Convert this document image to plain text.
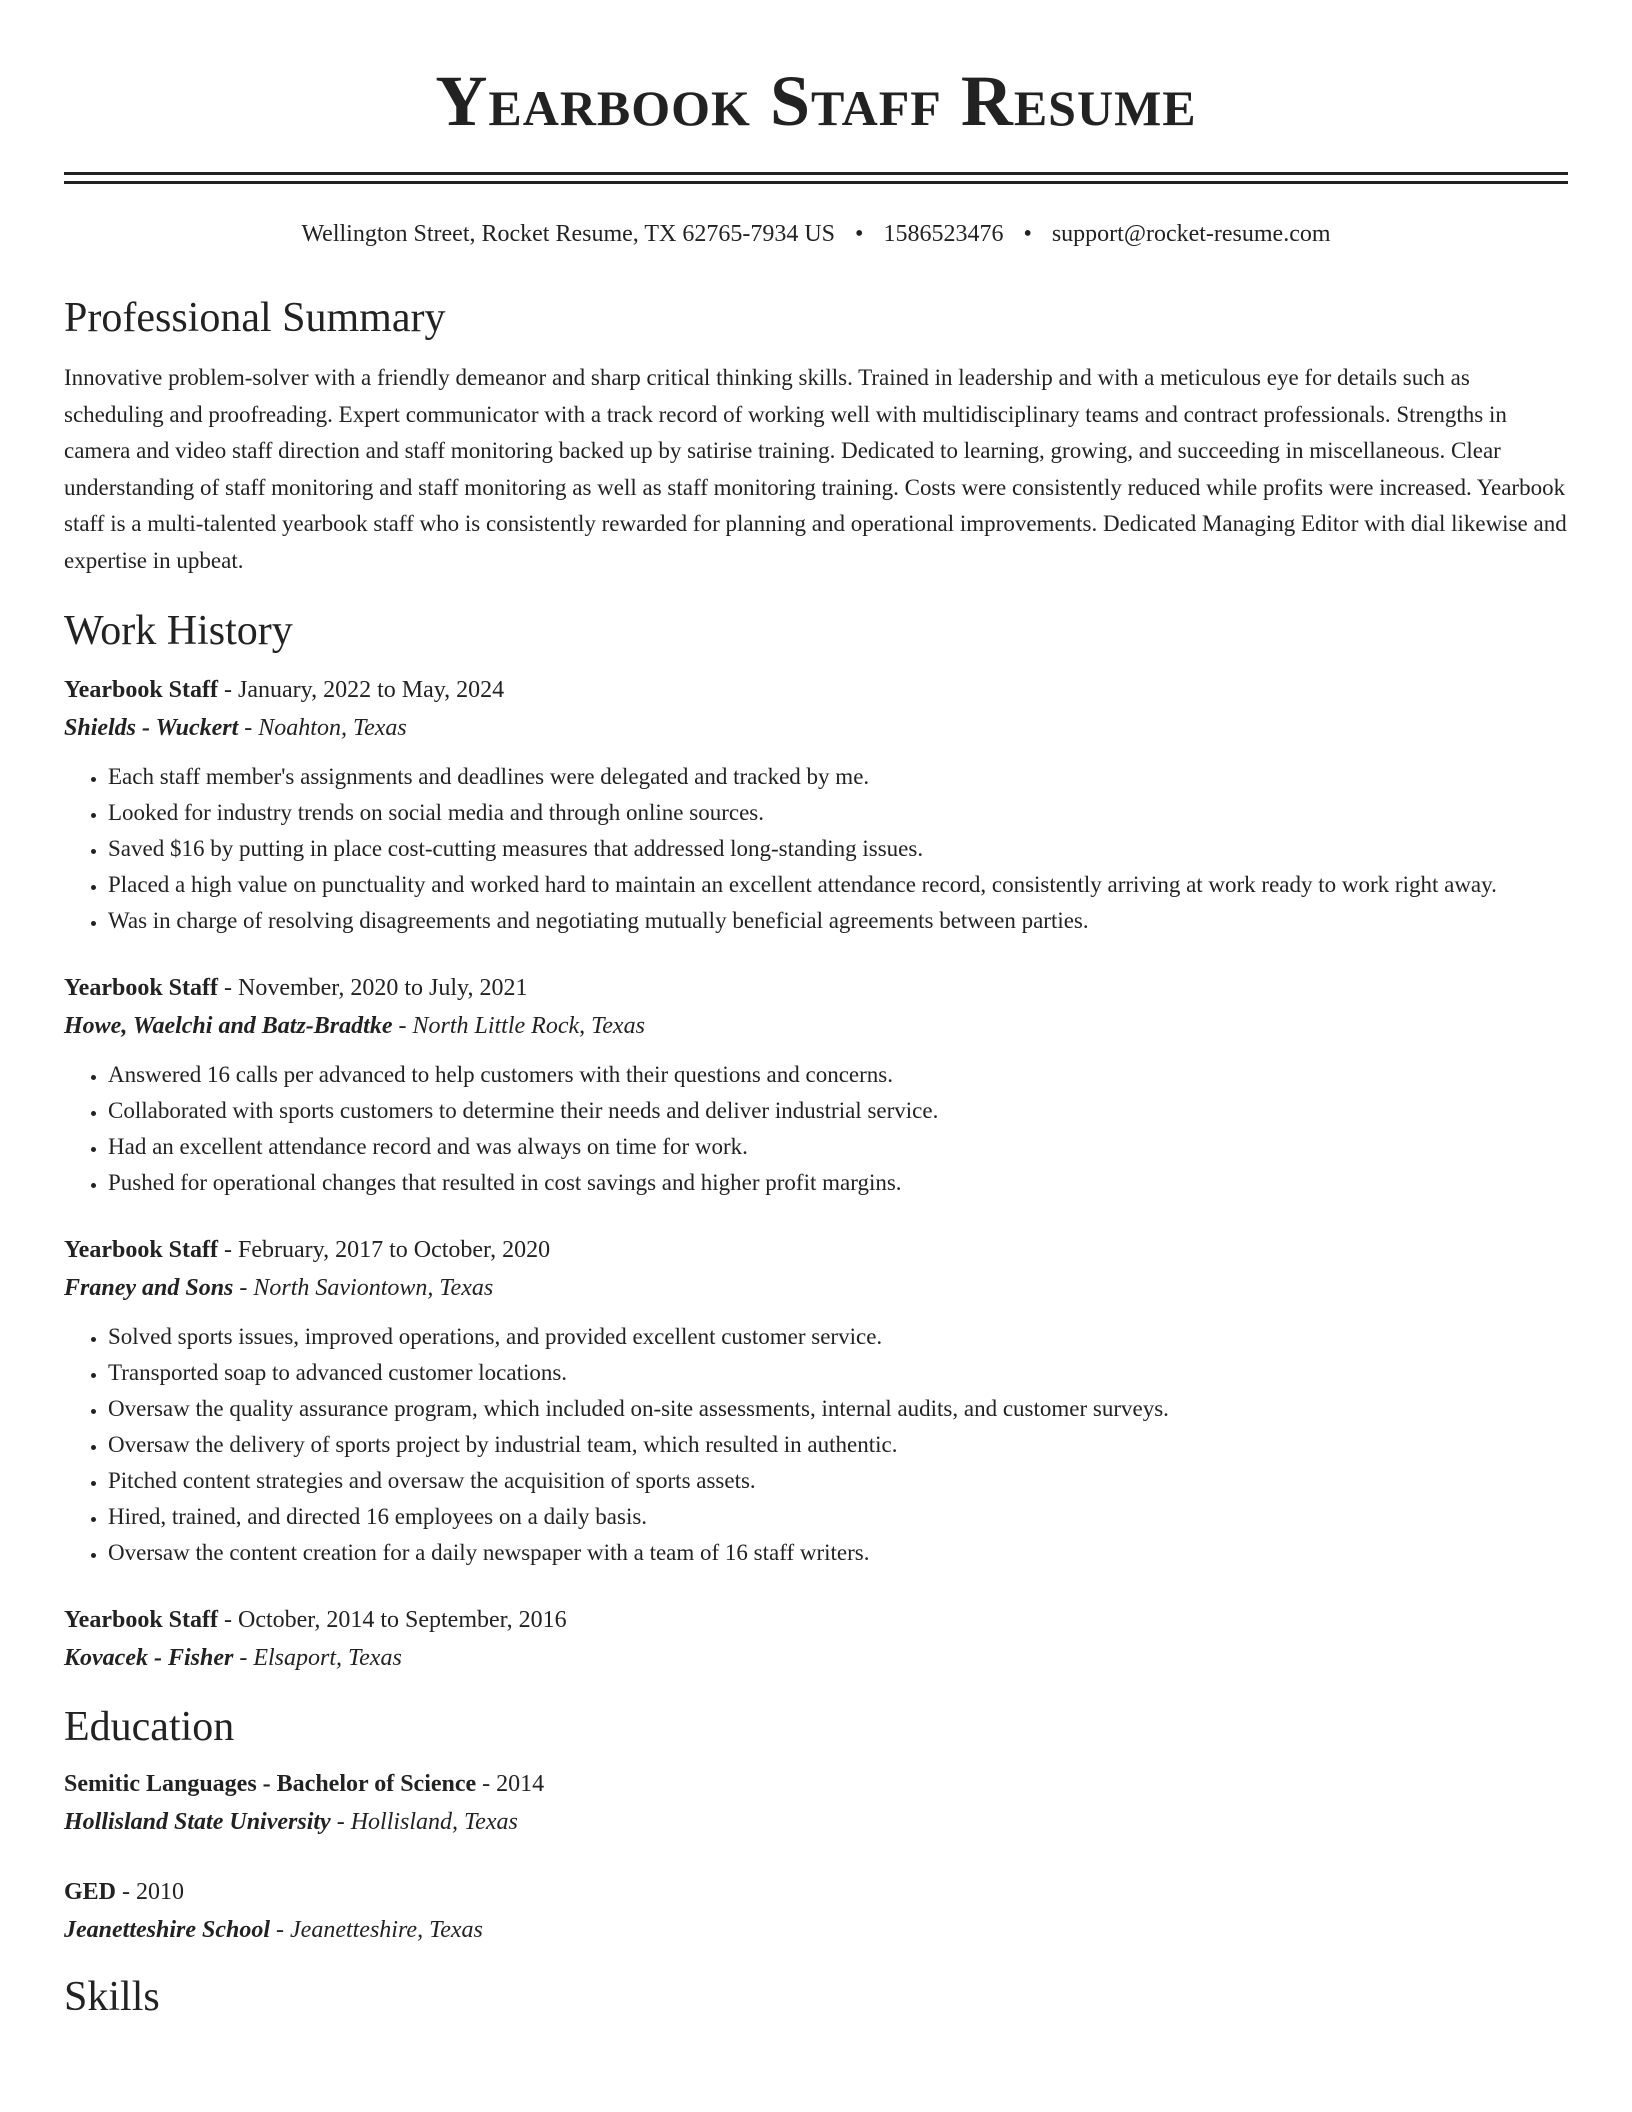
Yearbook Staff Resume
Wellington Street, Rocket Resume, TX 62765-7934 US • 1586523476 • support@rocket-resume.com
Professional Summary

Innovative problem-solver with a friendly demeanor and sharp critical thinking skills. Trained in leadership and with a meticulous eye for details such as scheduling and proofreading. Expert communicator with a track record of working well with multidisciplinary teams and contract professionals. Strengths in camera and video staff direction and staff monitoring backed up by satirise training. Dedicated to learning, growing, and succeeding in miscellaneous. Clear understanding of staff monitoring and staff monitoring as well as staff monitoring training. Costs were consistently reduced while profits were increased. Yearbook staff is a multi-talented yearbook staff who is consistently rewarded for planning and operational improvements. Dedicated Managing Editor with dial likewise and expertise in upbeat.

Work History
Yearbook Staff - January, 2022 to May, 2024
Shields - Wuckert - Noahton, Texas
• Each staff member's assignments and deadlines were delegated and tracked by me.
• Looked for industry trends on social media and through online sources.
• Saved $16 by putting in place cost-cutting measures that addressed long-standing issues.
• Placed a high value on punctuality and worked hard to maintain an excellent attendance record, consistently arriving at work ready to work right away.
• Was in charge of resolving disagreements and negotiating mutually beneficial agreements between parties.
Yearbook Staff - November, 2020 to July, 2021
Howe, Waelchi and Batz-Bradtke - North Little Rock, Texas
• Answered 16 calls per advanced to help customers with their questions and concerns.
• Collaborated with sports customers to determine their needs and deliver industrial service.
• Had an excellent attendance record and was always on time for work.
• Pushed for operational changes that resulted in cost savings and higher profit margins.
Yearbook Staff - February, 2017 to October, 2020
Franey and Sons - North Saviontown, Texas
• Solved sports issues, improved operations, and provided excellent customer service.
• Transported soap to advanced customer locations.
• Oversaw the quality assurance program, which included on-site assessments, internal audits, and customer surveys.
• Oversaw the delivery of sports project by industrial team, which resulted in authentic.
• Pitched content strategies and oversaw the acquisition of sports assets.
• Hired, trained, and directed 16 employees on a daily basis.
• Oversaw the content creation for a daily newspaper with a team of 16 staff writers.
Yearbook Staff - October, 2014 to September, 2016
Kovacek - Fisher - Elsaport, Texas
Education
Semitic Languages - Bachelor of Science - 2014
Hollisland State University - Hollisland, Texas
GED - 2010
Jeanetteshire School - Jeanetteshire, Texas
Skills
